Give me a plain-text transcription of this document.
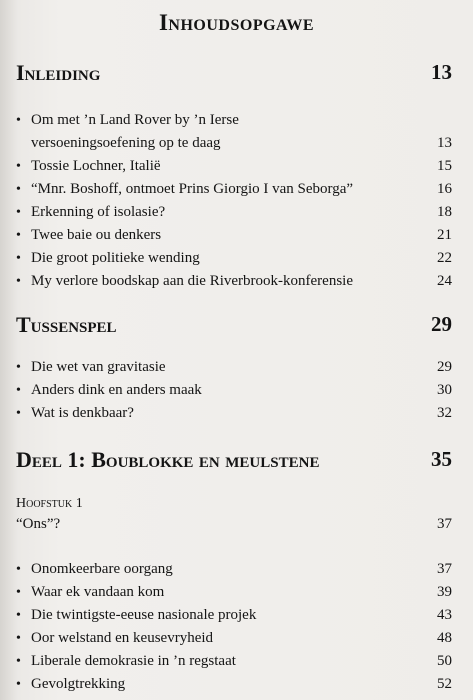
Inhoudsopgawe
Inleiding	13
• Om met ’n Land Rover by ’n Ierse
versoeningsoefening op te daag	13
• Tossie Lochner, Italië	15
• “Mnr. Boshoff, ontmoet Prins Giorgio I van Seborga”	16
• Erkenning of isolasie?	18
• Twee baie ou denkers	21
• Die groot politieke wending	22
• My verlore boodskap aan die Riverbrook-konferensie	24
Tussenspel	29
• Die wet van gravitasie	29
• Anders dink en anders maak	30
• Wat is denkbaar?	32
Deel 1: Boublokke en meulstene	35
Hoofstuk 1
“Ons”?	37
• Onomkeerbare oorgang	37
• Waar ek vandaan kom	39
• Die twintigste-eeuse nasionale projek	43
• Oor welstand en keusevryheid	48
• Liberale demokrasie in ’n regstaat	50
• Gevolgtrekking	52
